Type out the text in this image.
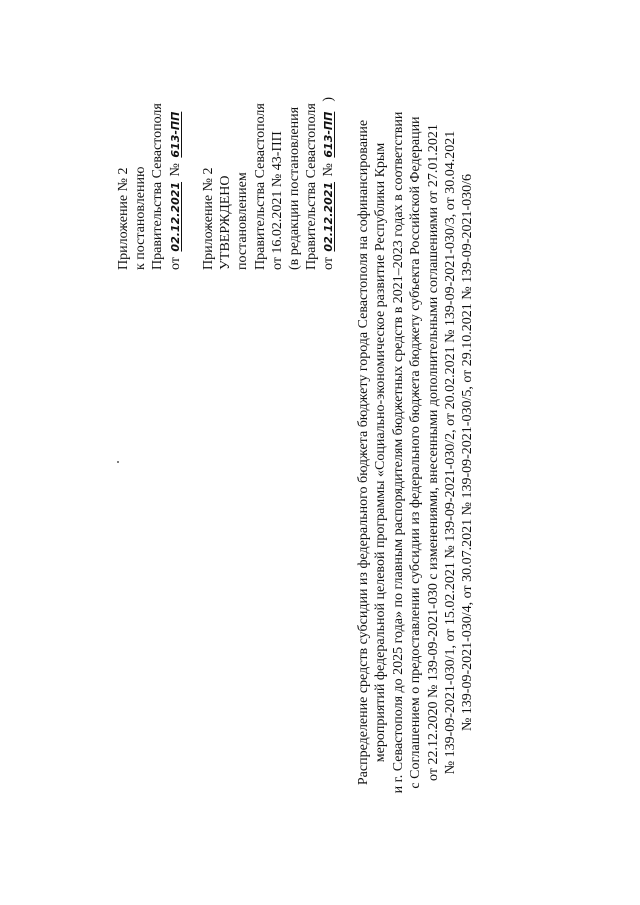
Приложение № 2 к постановлению Правительства Севастополя от 02.12.2021 № 613-ПП
Приложение № 2 УТВЕРЖДЕНО постановлением Правительства Севастополя от 16.02.2021 № 43-ПП (в редакции постановления Правительства Севастополя от 02.12.2021 № 613-ПП)
Распределение средств субсидии из федерального бюджета бюджету города Севастополя на софинансирование мероприятий федеральной целевой программы «Социально-экономическое развитие Республики Крым и г. Севастополя до 2025 года» по главным распорядителям бюджетных средств в 2021–2023 годах в соответствии с Соглашением о предоставлении субсидии из федерального бюджета бюджету субъекта Российской Федерации от 22.12.2020 № 139-09-2021-030 с изменениями, внесенными дополнительными соглашениями от 27.01.2021 № 139-09-2021-030/1, от 15.02.2021 № 139-09-2021-030/2, от 20.02.2021 № 139-09-2021-030/3, от 30.04.2021 № 139-09-2021-030/4, от 30.07.2021 № 139-09-2021-030/5, от 29.10.2021 № 139-09-2021-030/6
